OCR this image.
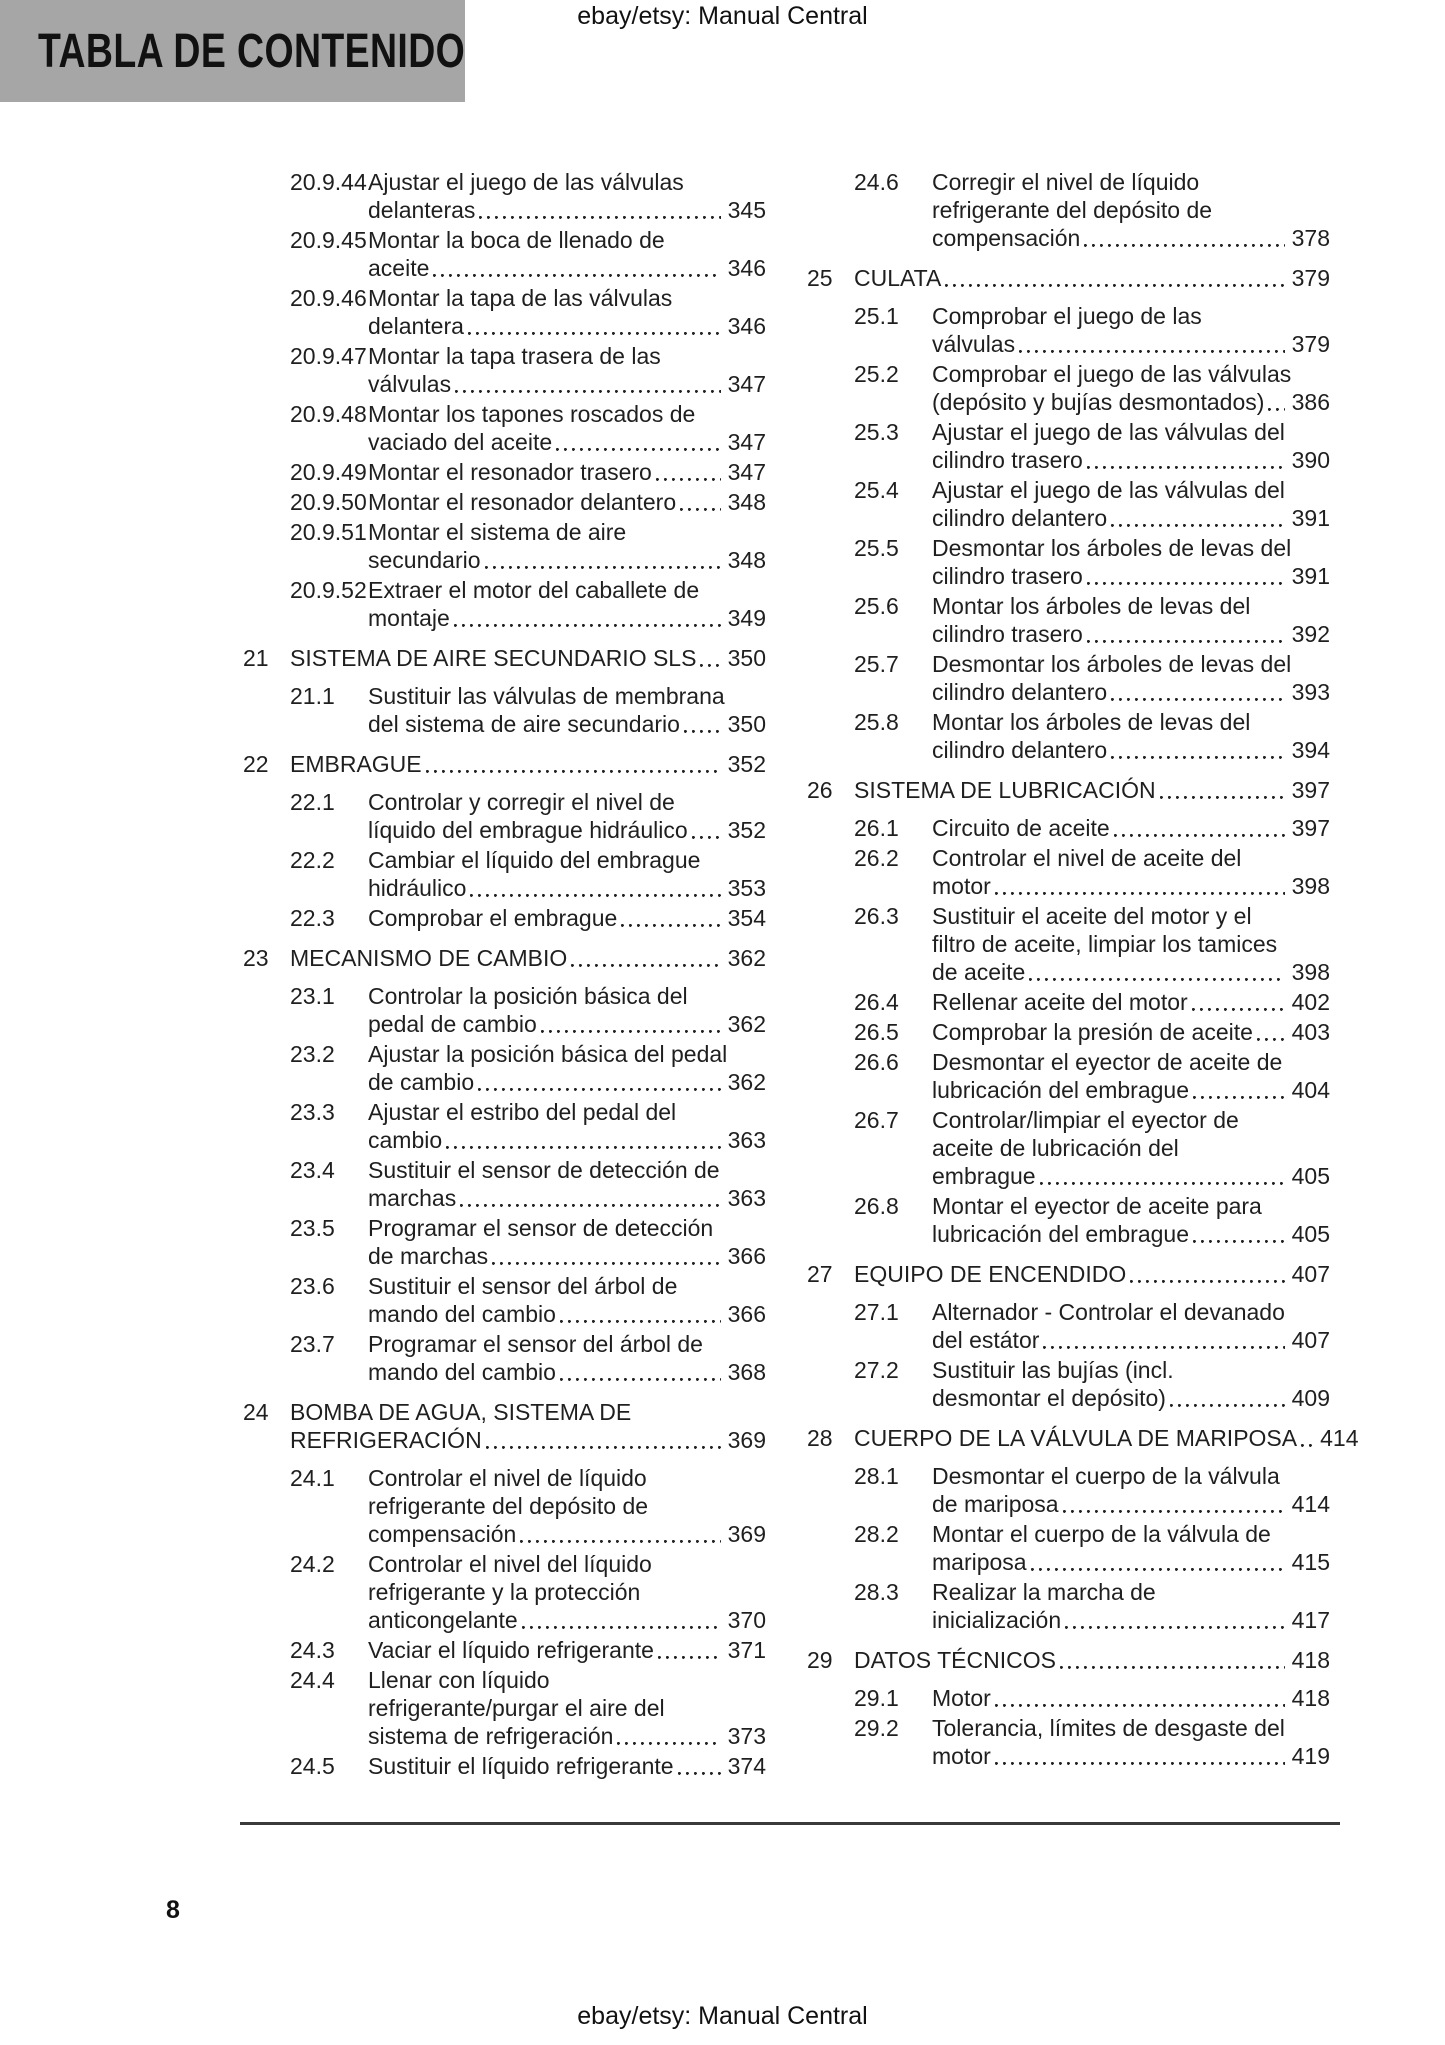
TABLA DE CONTENIDO
ebay/etsy: Manual Central
20.9.44 Ajustar el juego de las válvulas
delanteras	345
20.9.45 Montar la boca de llenado de
aceite	346
20.9.46 Montar la tapa de las válvulas
delantera	346
20.9.47 Montar la tapa trasera de las
válvulas	347
20.9.48 Montar los tapones roscados de
vaciado del aceite	347
20.9.49 Montar el resonador trasero	347
20.9.50 Montar el resonador delantero 348
20.9.51 Montar el sistema de aire
secundario	348
20.9.52 Extraer el motor del caballete de
montaje	349
21 SISTEMA DE AIRE SECUNDARIO SLS 350
21.1	Sustituir las válvulas de membrana
del sistema de aire secundario 350
22 EMBRAGUE	352
22.1	Controlar y corregir el nivel de
líquido del embrague hidráulico 352
22.2	Cambiar el líquido del embrague
hidráulico	353
22.3	Comprobar el embrague	354
23 MECANISMO DE CAMBIO	362
23.1	Controlar la posición básica del
pedal de cambio	362
23.2	Ajustar la posición básica del pedal
de cambio	362
23.3	Ajustar el estribo del pedal del
cambio	363
23.4	Sustituir el sensor de detección de
marchas	363
23.5	Programar el sensor de detección
de marchas	366
23.6	Sustituir el sensor del árbol de
mando del cambio	366
23.7	Programar el sensor del árbol de
mando del cambio	368
24 BOMBA DE AGUA, SISTEMA DE
REFRIGERACIÓN	369
24.1	Controlar el nivel de líquido
refrigerante del depósito de
compensación	369
24.2	Controlar el nivel del líquido
refrigerante y la protección
anticongelante	370
24.3	Vaciar el líquido refrigerante	371
24.4	Llenar con líquido
refrigerante/purgar el aire del
sistema de refrigeración	373
24.5	Sustituir el líquido refrigerante 374
24.6	Corregir el nivel de líquido
refrigerante del depósito de
compensación	378
25 CULATA	379
25.1	Comprobar el juego de las
válvulas	379
25.2	Comprobar el juego de las válvulas
(depósito y bujías desmontados) 386
25.3	Ajustar el juego de las válvulas del
cilindro trasero	390
25.4	Ajustar el juego de las válvulas del
cilindro delantero	391
25.5	Desmontar los árboles de levas del
cilindro trasero	391
25.6	Montar los árboles de levas del
cilindro trasero	392
25.7	Desmontar los árboles de levas del
cilindro delantero	393
25.8	Montar los árboles de levas del
cilindro delantero	394
26 SISTEMA DE LUBRICACIÓN	397
26.1	Circuito de aceite	397
26.2	Controlar el nivel de aceite del
motor	398
26.3	Sustituir el aceite del motor y el
filtro de aceite, limpiar los tamices
de aceite	398
26.4	Rellenar aceite del motor	402
26.5	Comprobar la presión de aceite 403
26.6	Desmontar el eyector de aceite de
lubricación del embrague	404
26.7	Controlar/limpiar el eyector de
aceite de lubricación del
embrague	405
26.8	Montar el eyector de aceite para
lubricación del embrague	405
27 EQUIPO DE ENCENDIDO	407
27.1	Alternador - Controlar el devanado
del estátor	407
27.2	Sustituir las bujías (incl.
desmontar el depósito)	409
28 CUERPO DE LA VÁLVULA DE MARIPOSA 414
28.1	Desmontar el cuerpo de la válvula
de mariposa	414
28.2	Montar el cuerpo de la válvula de
mariposa	415
28.3	Realizar la marcha de
inicialización	417
29 DATOS TÉCNICOS	418
29.1	Motor	418
29.2	Tolerancia, límites de desgaste del
motor	419
8
ebay/etsy: Manual Central
